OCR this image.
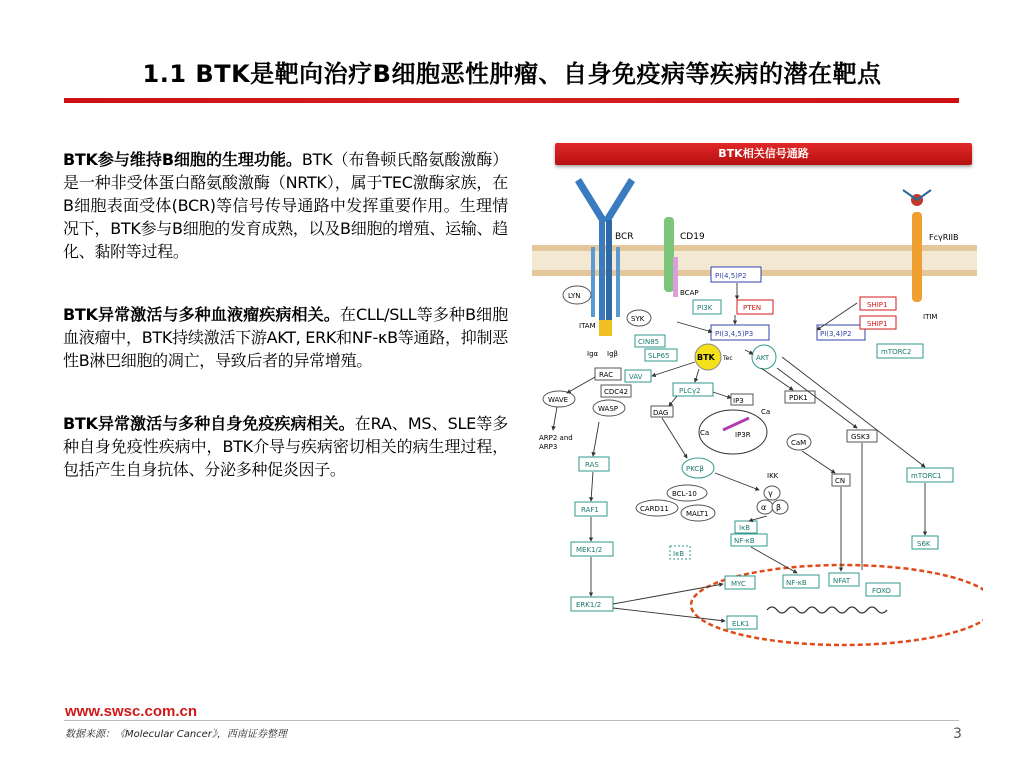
1.1 BTK是靶向治疗B细胞恶性肿瘤、自身免疫病等疾病的潜在靶点

BTK参与维持B细胞的生理功能。BTK（布鲁顿氏酪氨酸激酶）是一种非受体蛋白酪氨酸激酶（NRTK），属于TEC激酶家族，在B细胞表面受体(BCR)等信号传导通路中发挥重要作用。生理情况下，BTK参与B细胞的发育成熟，以及B细胞的增殖、运输、趋化、黏附等过程。

BTK异常激活与多种血液瘤疾病相关。在CLL/SLL等多种B细胞血液瘤中，BTK持续激活下游AKT, ERK和NF-κB等通路，抑制恶性B淋巴细胞的凋亡，导致后者的异常增殖。

BTK异常激活与多种自身免疫疾病相关。在RA、MS、SLE等多种自身免疫性疾病中，BTK介导与疾病密切相关的病生理过程，包括产生自身抗体、分泌多种促炎因子。

BTK相关信号通路
BCR	CD19
BCAP
FcγRIIB
ITIM
LYN
ITAM
Igα Igβ
SYK
PI(4,5)P2
PI3K	PTEN
PI(3,4,5)P3	PI(3,4)P2
SHIP1
SHIP1
mTORC2
CIN85
SLP65	BTK Tec	AKT
RAC
CDC42
VAV
WAVE
WASP
ARP2 and
ARP3
PLCγ2
IP3
Ca
PDK1
DAG
Ca	IP3R
CaM
GSK3
RAS	PKCβ
IKK
CN
mTORC1
BCL-10
CARD11
MALT1
γ
α β
RAF1
IκB
NF-κB	S6K
MEK1/2	IκB
MYC	NF-κB	NFAT
FOXO
ERK1/2
ELK1
www.swsc.com.cn
数据来源：《Molecular Cancer》，西南证券整理	3
